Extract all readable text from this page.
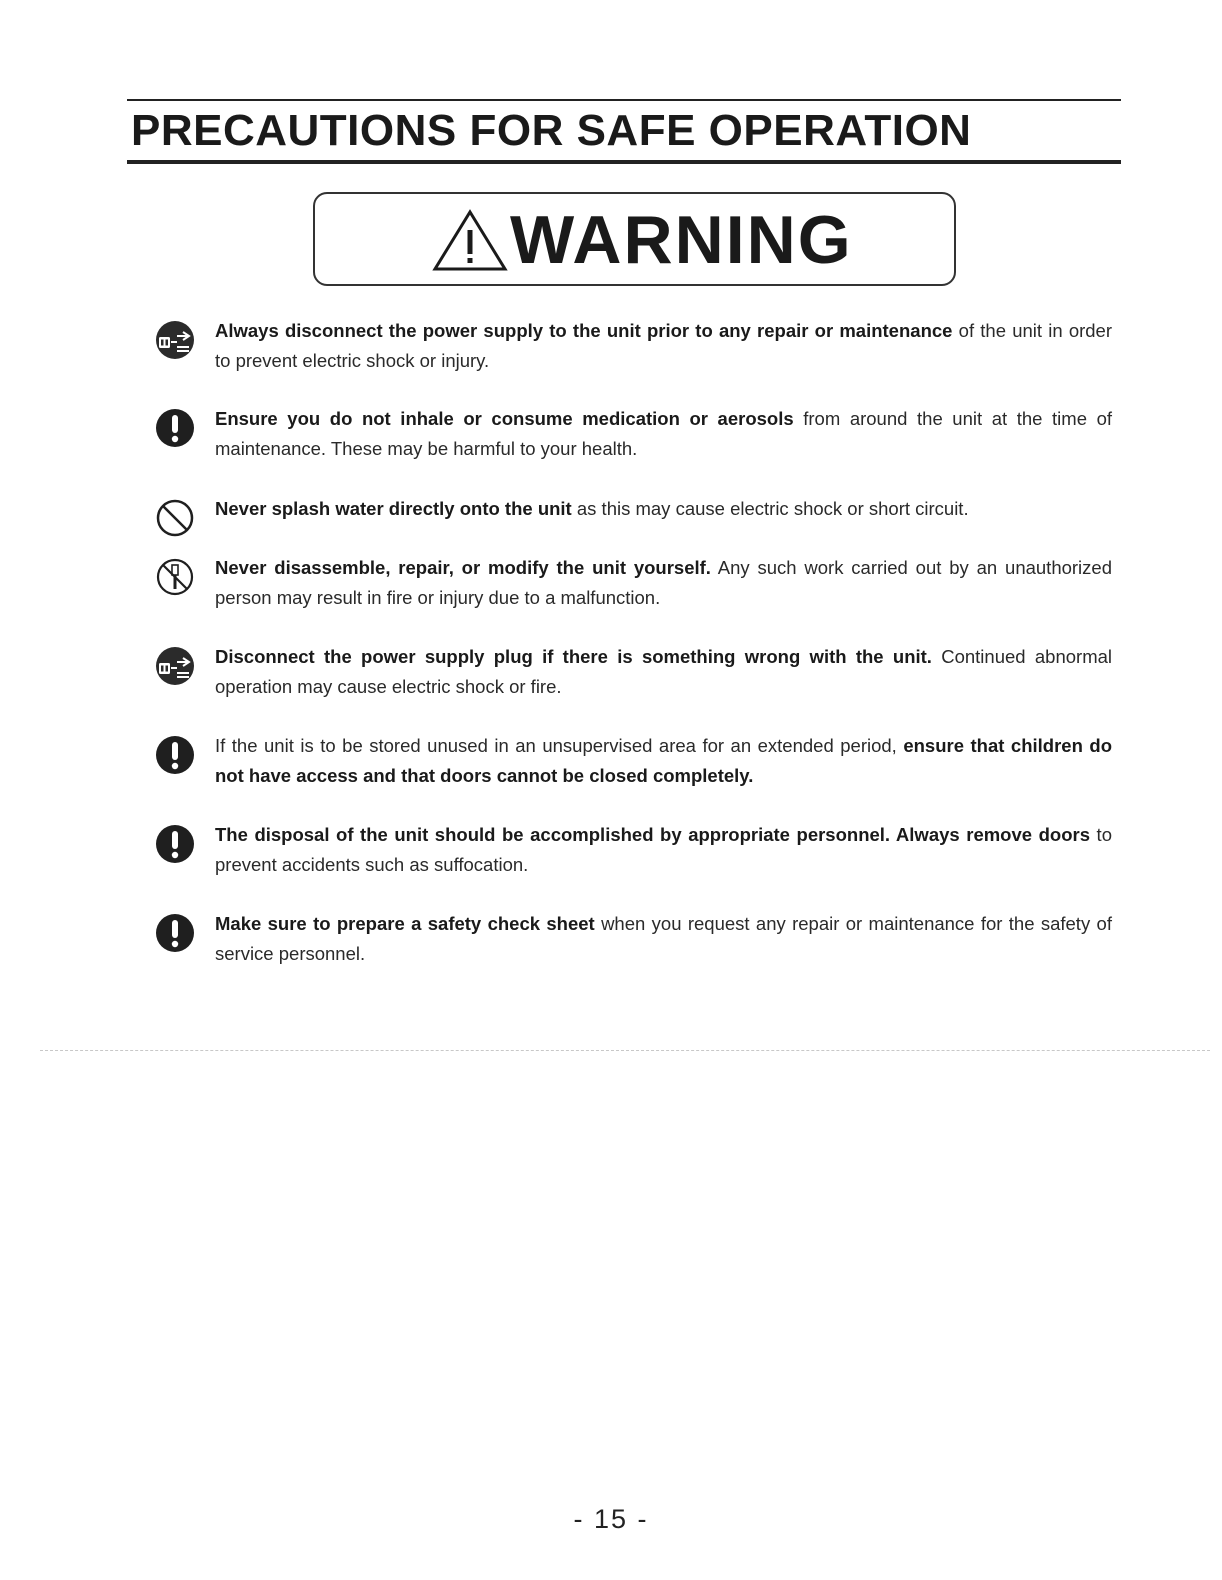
PRECAUTIONS FOR SAFE OPERATION
WARNING
Always disconnect the power supply to the unit prior to any repair or maintenance of the unit in order to prevent electric shock or injury.
Ensure you do not inhale or consume medication or aerosols from around the unit at the time of maintenance. These may be harmful to your health.
Never splash water directly onto the unit as this may cause electric shock or short circuit.
Never disassemble, repair, or modify the unit yourself. Any such work carried out by an unauthorized person may result in fire or injury due to a malfunction.
Disconnect the power supply plug if there is something wrong with the unit. Continued abnormal operation may cause electric shock or fire.
If the unit is to be stored unused in an unsupervised area for an extended period, ensure that children do not have access and that doors cannot be closed completely.
The disposal of the unit should be accomplished by appropriate personnel. Always remove doors to prevent accidents such as suffocation.
Make sure to prepare a safety check sheet when you request any repair or maintenance for the safety of service personnel.
- 15 -
